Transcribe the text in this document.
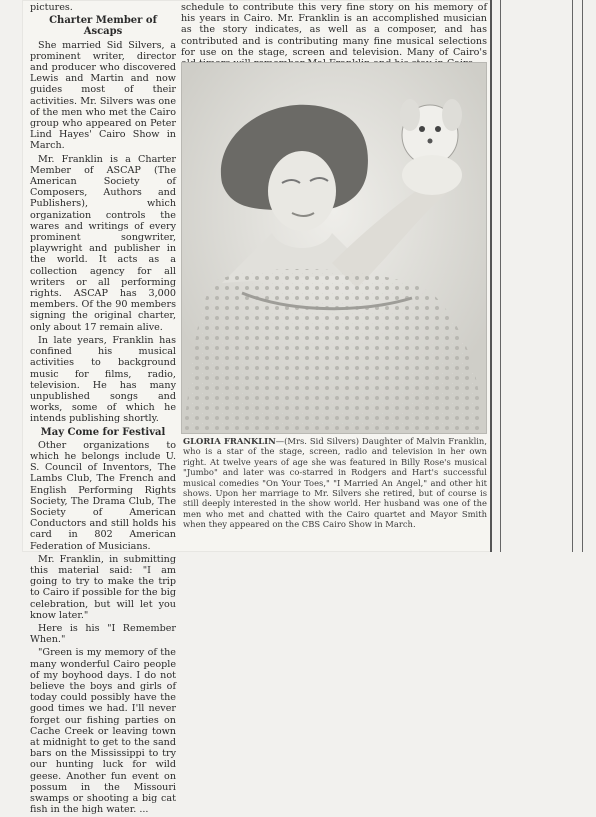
pictures.
Charter Member of Ascaps

She married Sid Silvers, a prominent writer, director and producer who discovered Lewis and Martin and now guides most of their activities. Mr. Silvers was one of the men who met the Cairo group who appeared on Peter Lind Hayes' Cairo Show in March.

Mr. Franklin is a Charter Member of ASCAP (The American Society of Composers, Authors and Publishers), which organization controls the wares and writings of every prominent songwriter, playwright and publisher in the world. It acts as a collection agency for all writers or all performing rights. ASCAP has 3,000 members. Of the 90 members signing the original charter, only about 17 remain alive.

In late years, Franklin has confined his musical activities to background music for films, radio, television. He has many unpublished songs and works, some of which he intends publishing shortly.

May Come for Festival

Other organizations to which he belongs include U. S. Council of Inventors, The Lambs Club, The French and English Performing Rights Society, The Drama Club, The Society of American Conductors and still holds his card in 802 American Federation of Musicians.

Mr. Franklin, in submitting this material said: "I am going to try to make the trip to Cairo if possible for the big celebration, but will let you know later."

Here is his "I Remember When."

"Green is my memory of the many wonderful Cairo people of my boyhood days. I do not believe the boys and girls of today could possibly have the good times we had. I'll never forget our fishing parties on Cache Creek or leaving town at midnight to get to the sand bars on the Mississippi to try our hunting luck for wild geese. Another fun event on possum in the Missouri swamps or shooting a big cat fish in the high water. ...

schedule to contribute this very fine story on his memory of his years in Cairo. Mr. Franklin is an accomplished musician as the story indicates, as well as a composer, and has contributed and is contributing many fine musical selections for use on the stage, screen and television. Many of Cairo's

GLORIA FRANKLIN—(Mrs. Sid Silvers) Daughter of Malvin Franklin, who is a star of the stage, screen, radio and television in her own right. At twelve years of age she was featured in Billy Rose's musical "Jumbo" and later was co-starred in Rodgers and Hart's successful musical comedies "On Your Toes," "I Married An Angel," and other hit shows. Upon her marriage to Mr. Silvers she retired, but of course is still deeply interested in the show world. Her husband was one of the men who met and chatted with the Cairo quartet and Mayor Smith when they appeared on the CBS Cairo Show in March.
